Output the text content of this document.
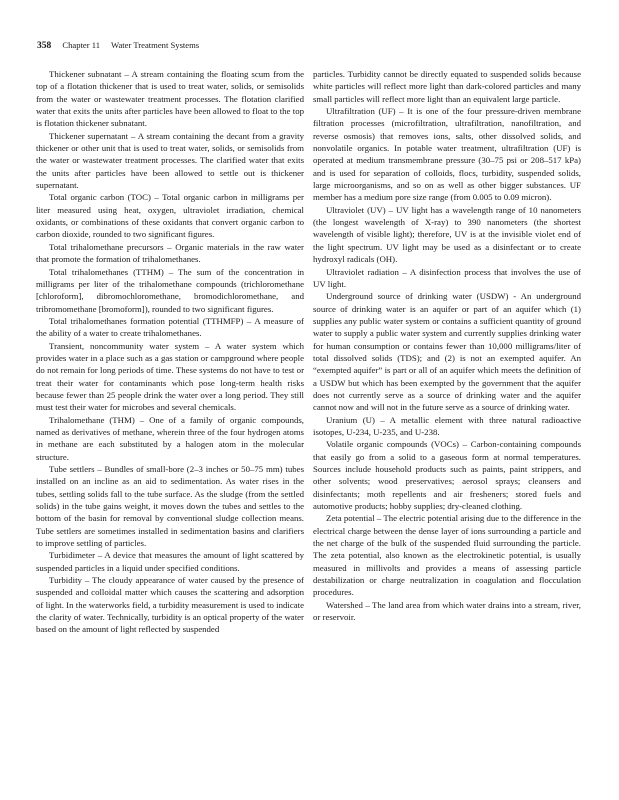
358 Chapter 11 Water Treatment Systems

Thickener subnatant – A stream containing the floating scum from the top of a flotation thickener that is used to treat water, solids, or semisolids from the water or wastewater treatment processes. The flotation clarified water that exits the units after particles have been allowed to float to the top is flotation thickener subnatant.

Thickener supernatant – A stream containing the decant from a gravity thickener or other unit that is used to treat water, solids, or semisolids from the water or wastewater treatment processes. The clarified water that exits the units after particles have been allowed to settle out is thickener supernatant.

Total organic carbon (TOC) – Total organic carbon in milligrams per liter measured using heat, oxygen, ultraviolet irradiation, chemical oxidants, or combinations of these oxidants that convert organic carbon to carbon dioxide, rounded to two significant figures.

Total trihalomethane precursors – Organic materials in the raw water that promote the formation of trihalomethanes.

Total trihalomethanes (TTHM) – The sum of the concentration in milligrams per liter of the trihalomethane compounds (trichloromethane [chloroform], dibromochloromethane, bromodichloromethane, and tribromomethane [bromoform]), rounded to two significant figures.

Total trihalomethanes formation potential (TTHMFP) – A measure of the ability of a water to create trihalomethanes.

Transient, noncommunity water system – A water system which provides water in a place such as a gas station or campground where people do not remain for long periods of time. These systems do not have to test or treat their water for contaminants which pose long-term health risks because fewer than 25 people drink the water over a long period. They still must test their water for microbes and several chemicals.

Trihalomethane (THM) – One of a family of organic compounds, named as derivatives of methane, wherein three of the four hydrogen atoms in methane are each substituted by a halogen atom in the molecular structure.

Tube settlers – Bundles of small-bore (2–3 inches or 50–75 mm) tubes installed on an incline as an aid to sedimentation. As water rises in the tubes, settling solids fall to the tube surface. As the sludge (from the settled solids) in the tube gains weight, it moves down the tubes and settles to the bottom of the basin for removal by conventional sludge collection means. Tube settlers are sometimes installed in sedimentation basins and clarifiers to improve settling of particles.

Turbidimeter – A device that measures the amount of light scattered by suspended particles in a liquid under specified conditions.

Turbidity – The cloudy appearance of water caused by the presence of suspended and colloidal matter which causes the scattering and adsorption of light. In the waterworks field, a turbidity measurement is used to indicate the clarity of water. Technically, turbidity is an optical property of the water based on the amount of light reflected by suspended

particles. Turbidity cannot be directly equated to suspended solids because white particles will reflect more light than dark-colored particles and many small particles will reflect more light than an equivalent large particle.

Ultrafiltration (UF) – It is one of the four pressure-driven membrane filtration processes (microfiltration, ultrafiltration, nanofiltration, and reverse osmosis) that removes ions, salts, other dissolved solids, and nonvolatile organics. In potable water treatment, ultrafiltration (UF) is operated at medium transmembrane pressure (30–75 psi or 208–517 kPa) and is used for separation of colloids, flocs, turbidity, suspended solids, large microorganisms, and so on as well as other bigger substances. UF member has a medium pore size range (from 0.005 to 0.09 micron).

Ultraviolet (UV) – UV light has a wavelength range of 10 nanometers (the longest wavelength of X-ray) to 390 nanometers (the shortest wavelength of visible light); therefore, UV is at the invisible violet end of the light spectrum. UV light may be used as a disinfectant or to create hydroxyl radicals (OH).

Ultraviolet radiation – A disinfection process that involves the use of UV light.

Underground source of drinking water (USDW) - An underground source of drinking water is an aquifer or part of an aquifer which (1) supplies any public water system or contains a sufficient quantity of ground water to supply a public water system and currently supplies drinking water for human consumption or contains fewer than 10,000 milligrams/liter of total dissolved solids (TDS); and (2) is not an exempted aquifer. An “exempted aquifer” is part or all of an aquifer which meets the definition of a USDW but which has been exempted by the government that the aquifer does not currently serve as a source of drinking water and the aquifer cannot now and will not in the future serve as a source of drinking water.

Uranium (U) – A metallic element with three natural radioactive isotopes, U-234, U-235, and U-238.

Volatile organic compounds (VOCs) – Carbon-containing compounds that easily go from a solid to a gaseous form at normal temperatures. Sources include household products such as paints, paint strippers, and other solvents; wood preservatives; aerosol sprays; cleansers and disinfectants; moth repellents and air fresheners; stored fuels and automotive products; hobby supplies; dry-cleaned clothing.

Zeta potential – The electric potential arising due to the difference in the electrical charge between the dense layer of ions surrounding a particle and the net charge of the bulk of the suspended fluid surrounding the particle. The zeta potential, also known as the electrokinetic potential, is usually measured in millivolts and provides a means of assessing particle destabilization or charge neutralization in coagulation and flocculation procedures.

Watershed – The land area from which water drains into a stream, river, or reservoir.
